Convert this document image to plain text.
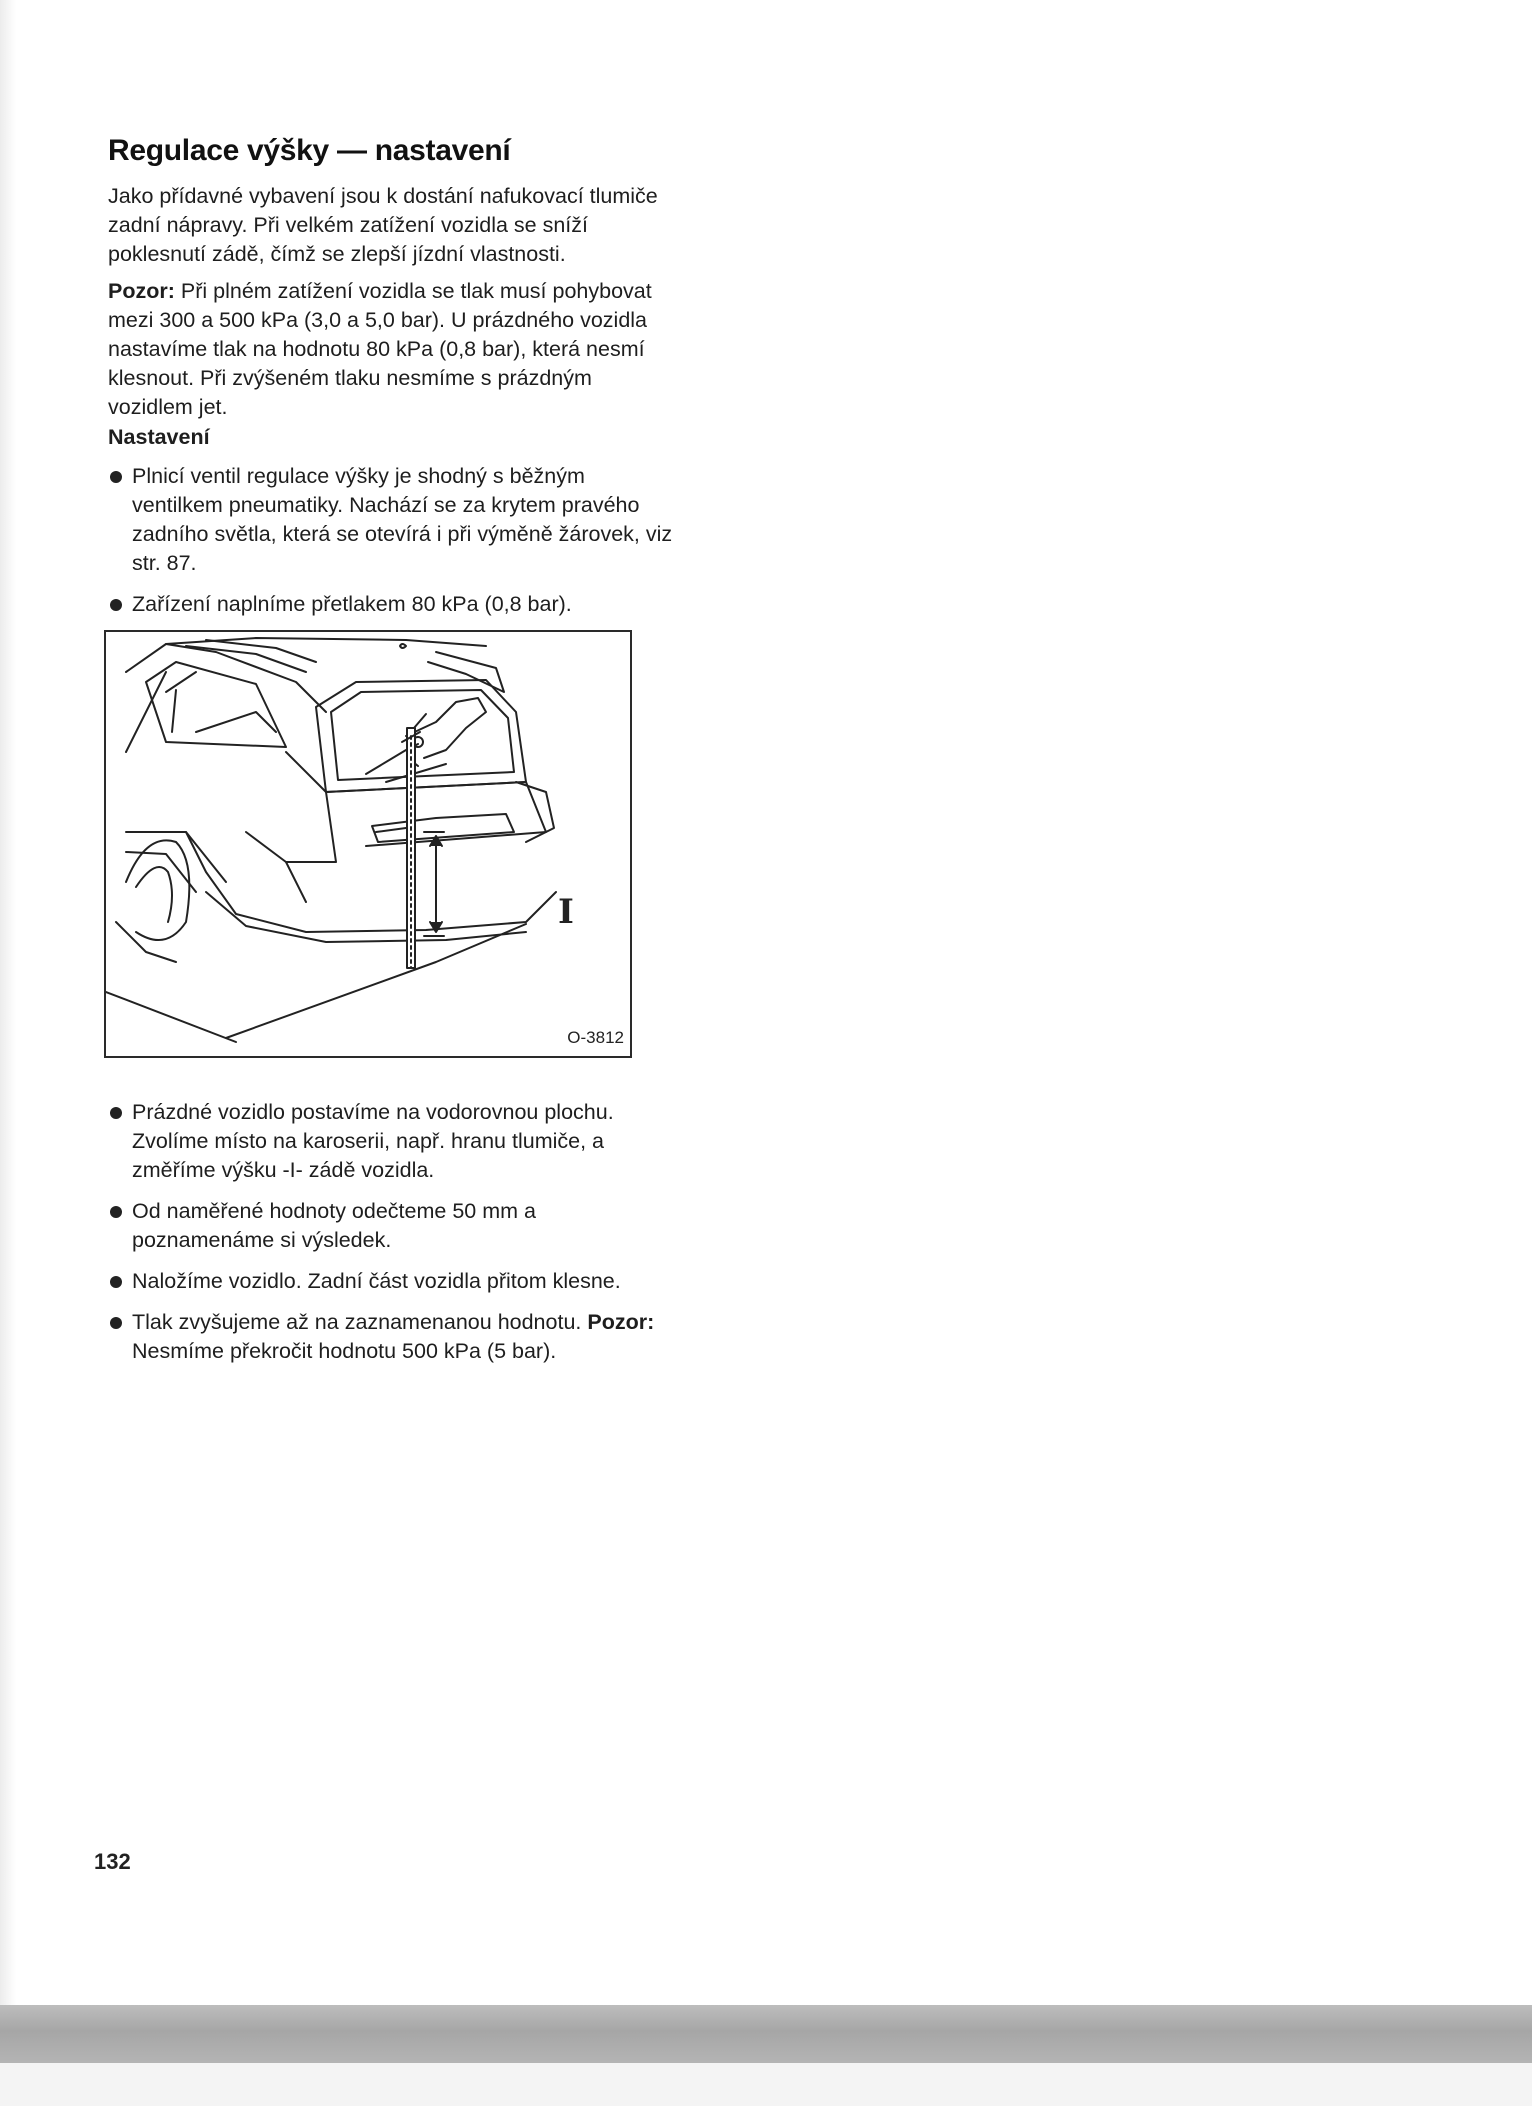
Regulace výšky — nastavení

Jako přídavné vybavení jsou k dostání nafukovací tlumiče zadní nápravy. Při velkém zatížení vozidla se sníží poklesnutí zádě, čímž se zlepší jízdní vlastnosti.

Pozor: Při plném zatížení vozidla se tlak musí pohybovat mezi 300 a 500 kPa (3,0 a 5,0 bar). U prázdného vozidla nastavíme tlak na hodnotu 80 kPa (0,8 bar), která nesmí klesnout. Při zvýšeném tlaku nesmíme s prázdným vozidlem jet.

Nastavení
Plnicí ventil regulace výšky je shodný s běžným ventilkem pneumatiky. Nachází se za krytem pravého zadního světla, která se otevírá i při výměně žárovek, viz str. 87.
Zařízení naplníme přetlakem 80 kPa (0,8 bar).
I
O-3812
Prázdné vozidlo postavíme na vodorovnou plochu. Zvolíme místo na karoserii, např. hranu tlumiče, a změříme výšku -I- zádě vozidla.
Od naměřené hodnoty odečteme 50 mm a poznamenáme si výsledek.
Naložíme vozidlo. Zadní část vozidla přitom klesne.
Tlak zvyšujeme až na zaznamenanou hodnotu. Pozor: Nesmíme překročit hodnotu 500 kPa (5 bar).
132
